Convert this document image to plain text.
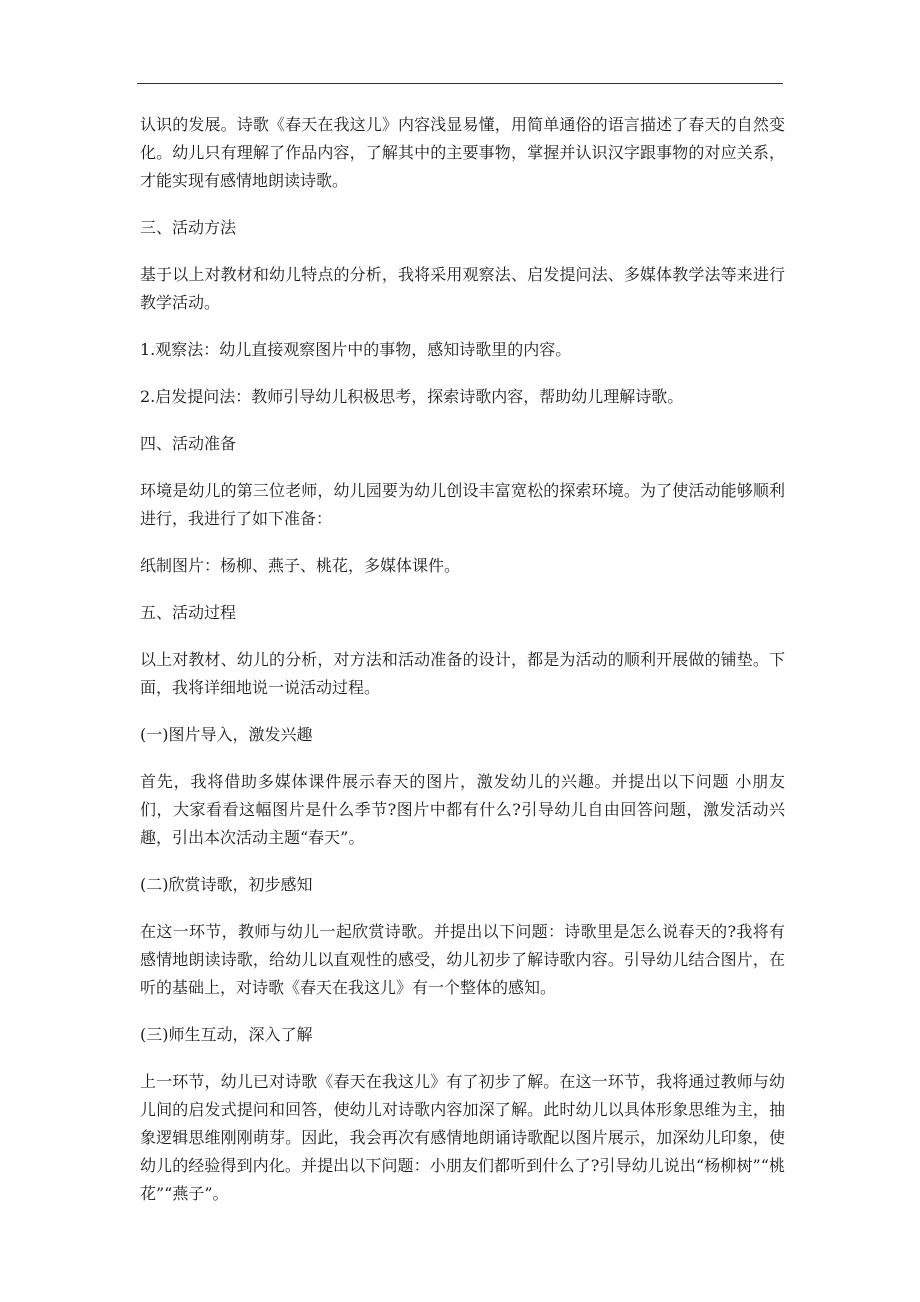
认识的发展。诗歌《春天在我这儿》内容浅显易懂，用简单通俗的语言描述了春天的自然变化。幼儿只有理解了作品内容，了解其中的主要事物，掌握并认识汉字跟事物的对应关系，才能实现有感情地朗读诗歌。

三、活动方法

基于以上对教材和幼儿特点的分析，我将采用观察法、启发提问法、多媒体教学法等来进行教学活动。

1.观察法：幼儿直接观察图片中的事物，感知诗歌里的内容。

2.启发提问法：教师引导幼儿积极思考，探索诗歌内容，帮助幼儿理解诗歌。

四、活动准备

环境是幼儿的第三位老师，幼儿园要为幼儿创设丰富宽松的探索环境。为了使活动能够顺利进行，我进行了如下准备：

纸制图片：杨柳、燕子、桃花，多媒体课件。

五、活动过程

以上对教材、幼儿的分析，对方法和活动准备的设计，都是为活动的顺利开展做的铺垫。下面，我将详细地说一说活动过程。

(一)图片导入，激发兴趣

首先，我将借助多媒体课件展示春天的图片，激发幼儿的兴趣。并提出以下问题 小朋友们，大家看看这幅图片是什么季节?图片中都有什么?引导幼儿自由回答问题，激发活动兴趣，引出本次活动主题“春天”。

(二)欣赏诗歌，初步感知

在这一环节，教师与幼儿一起欣赏诗歌。并提出以下问题：诗歌里是怎么说春天的?我将有感情地朗读诗歌，给幼儿以直观性的感受，幼儿初步了解诗歌内容。引导幼儿结合图片，在听的基础上，对诗歌《春天在我这儿》有一个整体的感知。

(三)师生互动，深入了解

上一环节，幼儿已对诗歌《春天在我这儿》有了初步了解。在这一环节，我将通过教师与幼儿间的启发式提问和回答，使幼儿对诗歌内容加深了解。此时幼儿以具体形象思维为主，抽象逻辑思维刚刚萌芽。因此，我会再次有感情地朗诵诗歌配以图片展示，加深幼儿印象，使幼儿的经验得到内化。并提出以下问题：小朋友们都听到什么了?引导幼儿说出“杨柳树”“桃花”“燕子”。
